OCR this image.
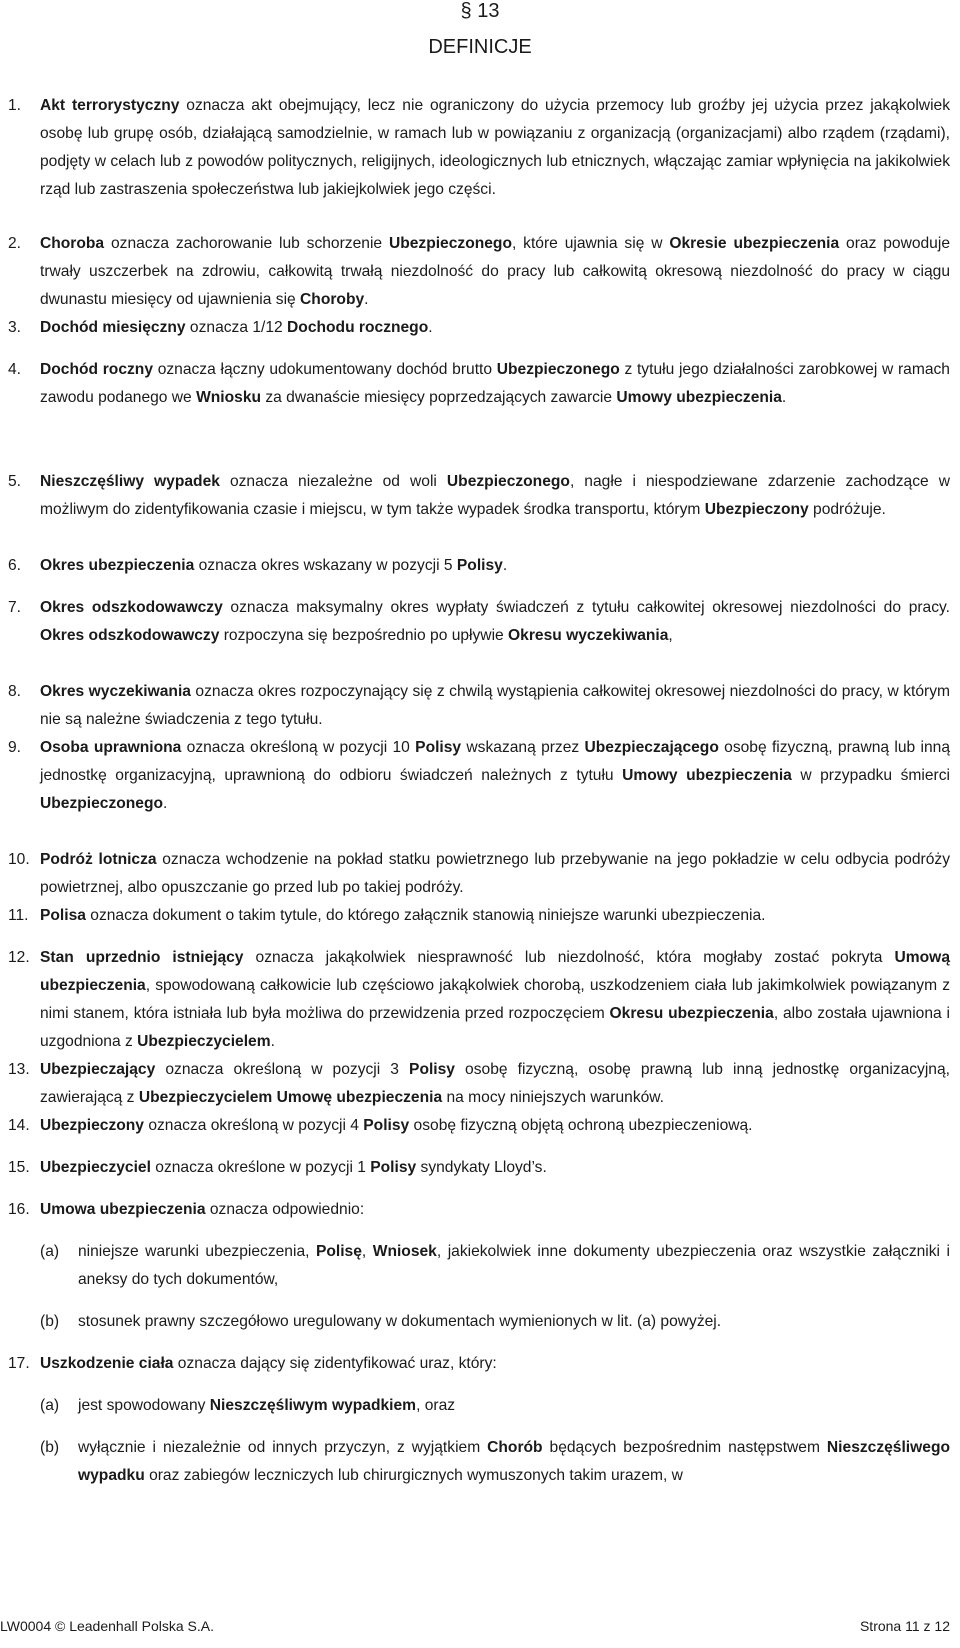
§ 13
DEFINICJE
1. Akt terrorystyczny oznacza akt obejmujący, lecz nie ograniczony do użycia przemocy lub groźby jej użycia przez jakąkolwiek osobę lub grupę osób, działającą samodzielnie, w ramach lub w powiązaniu z organizacją (organizacjami) albo rządem (rządami), podjęty w celach lub z powodów politycznych, religijnych, ideologicznych lub etnicznych, włączając zamiar wpłynięcia na jakikolwiek rząd lub zastraszenia społeczeństwa lub jakiejkolwiek jego części.
2. Choroba oznacza zachorowanie lub schorzenie Ubezpieczonego, które ujawnia się w Okresie ubezpieczenia oraz powoduje trwały uszczerbek na zdrowiu, całkowitą trwałą niezdolność do pracy lub całkowitą okresową niezdolność do pracy w ciągu dwunastu miesięcy od ujawnienia się Choroby.
3. Dochód miesięczny oznacza 1/12 Dochodu rocznego.
4. Dochód roczny oznacza łączny udokumentowany dochód brutto Ubezpieczonego z tytułu jego działalności zarobkowej w ramach zawodu podanego we Wniosku za dwanaście miesięcy poprzedzających zawarcie Umowy ubezpieczenia.
5. Nieszczęśliwy wypadek oznacza niezależne od woli Ubezpieczonego, nagłe i niespodziewane zdarzenie zachodzące w możliwym do zidentyfikowania czasie i miejscu, w tym także wypadek środka transportu, którym Ubezpieczony podróżuje.
6. Okres ubezpieczenia oznacza okres wskazany w pozycji 5 Polisy.
7. Okres odszkodowawczy oznacza maksymalny okres wypłaty świadczeń z tytułu całkowitej okresowej niezdolności do pracy. Okres odszkodowawczy rozpoczyna się bezpośrednio po upływie Okresu wyczekiwania,
8. Okres wyczekiwania oznacza okres rozpoczynający się z chwilą wystąpienia całkowitej okresowej niezdolności do pracy, w którym nie są należne świadczenia z tego tytułu.
9. Osoba uprawniona oznacza określoną w pozycji 10 Polisy wskazaną przez Ubezpieczającego osobę fizyczną, prawną lub inną jednostkę organizacyjną, uprawnioną do odbioru świadczeń należnych z tytułu Umowy ubezpieczenia w przypadku śmierci Ubezpieczonego.
10. Podróż lotnicza oznacza wchodzenie na pokład statku powietrznego lub przebywanie na jego pokładzie w celu odbycia podróży powietrznej, albo opuszczanie go przed lub po takiej podróży.
11. Polisa oznacza dokument o takim tytule, do którego załącznik stanowią niniejsze warunki ubezpieczenia.
12. Stan uprzednio istniejący oznacza jakąkolwiek niesprawność lub niezdolność, która mogłaby zostać pokryta Umową ubezpieczenia, spowodowaną całkowicie lub częściowo jakąkolwiek chorobą, uszkodzeniem ciała lub jakimkolwiek powiązanym z nimi stanem, która istniała lub była możliwa do przewidzenia przed rozpoczęciem Okresu ubezpieczenia, albo została ujawniona i uzgodniona z Ubezpieczycielem.
13. Ubezpieczający oznacza określoną w pozycji 3 Polisy osobę fizyczną, osobę prawną lub inną jednostkę organizacyjną, zawierającą z Ubezpieczycielem Umowę ubezpieczenia na mocy niniejszych warunków.
14. Ubezpieczony oznacza określoną w pozycji 4 Polisy osobę fizyczną objętą ochroną ubezpieczeniową.
15. Ubezpieczyciel oznacza określone w pozycji 1 Polisy syndykaty Lloyd’s.
16. Umowa ubezpieczenia oznacza odpowiednio:
(a) niniejsze warunki ubezpieczenia, Polisę, Wniosek, jakiekolwiek inne dokumenty ubezpieczenia oraz wszystkie załączniki i aneksy do tych dokumentów,
(b) stosunek prawny szczegółowo uregulowany w dokumentach wymienionych w lit. (a) powyżej.
17. Uszkodzenie ciała oznacza dający się zidentyfikować uraz, który:
(a) jest spowodowany Nieszczęśliwym wypadkiem, oraz
(b) wyłącznie i niezależnie od innych przyczyn, z wyjątkiem Chorób będących bezpośrednim następstwem Nieszczęśliwego wypadku oraz zabiegów leczniczych lub chirurgicznych wymuszonych takim urazem, w
LW0004 © Leadenhall Polska S.A.	Strona 11 z 12
